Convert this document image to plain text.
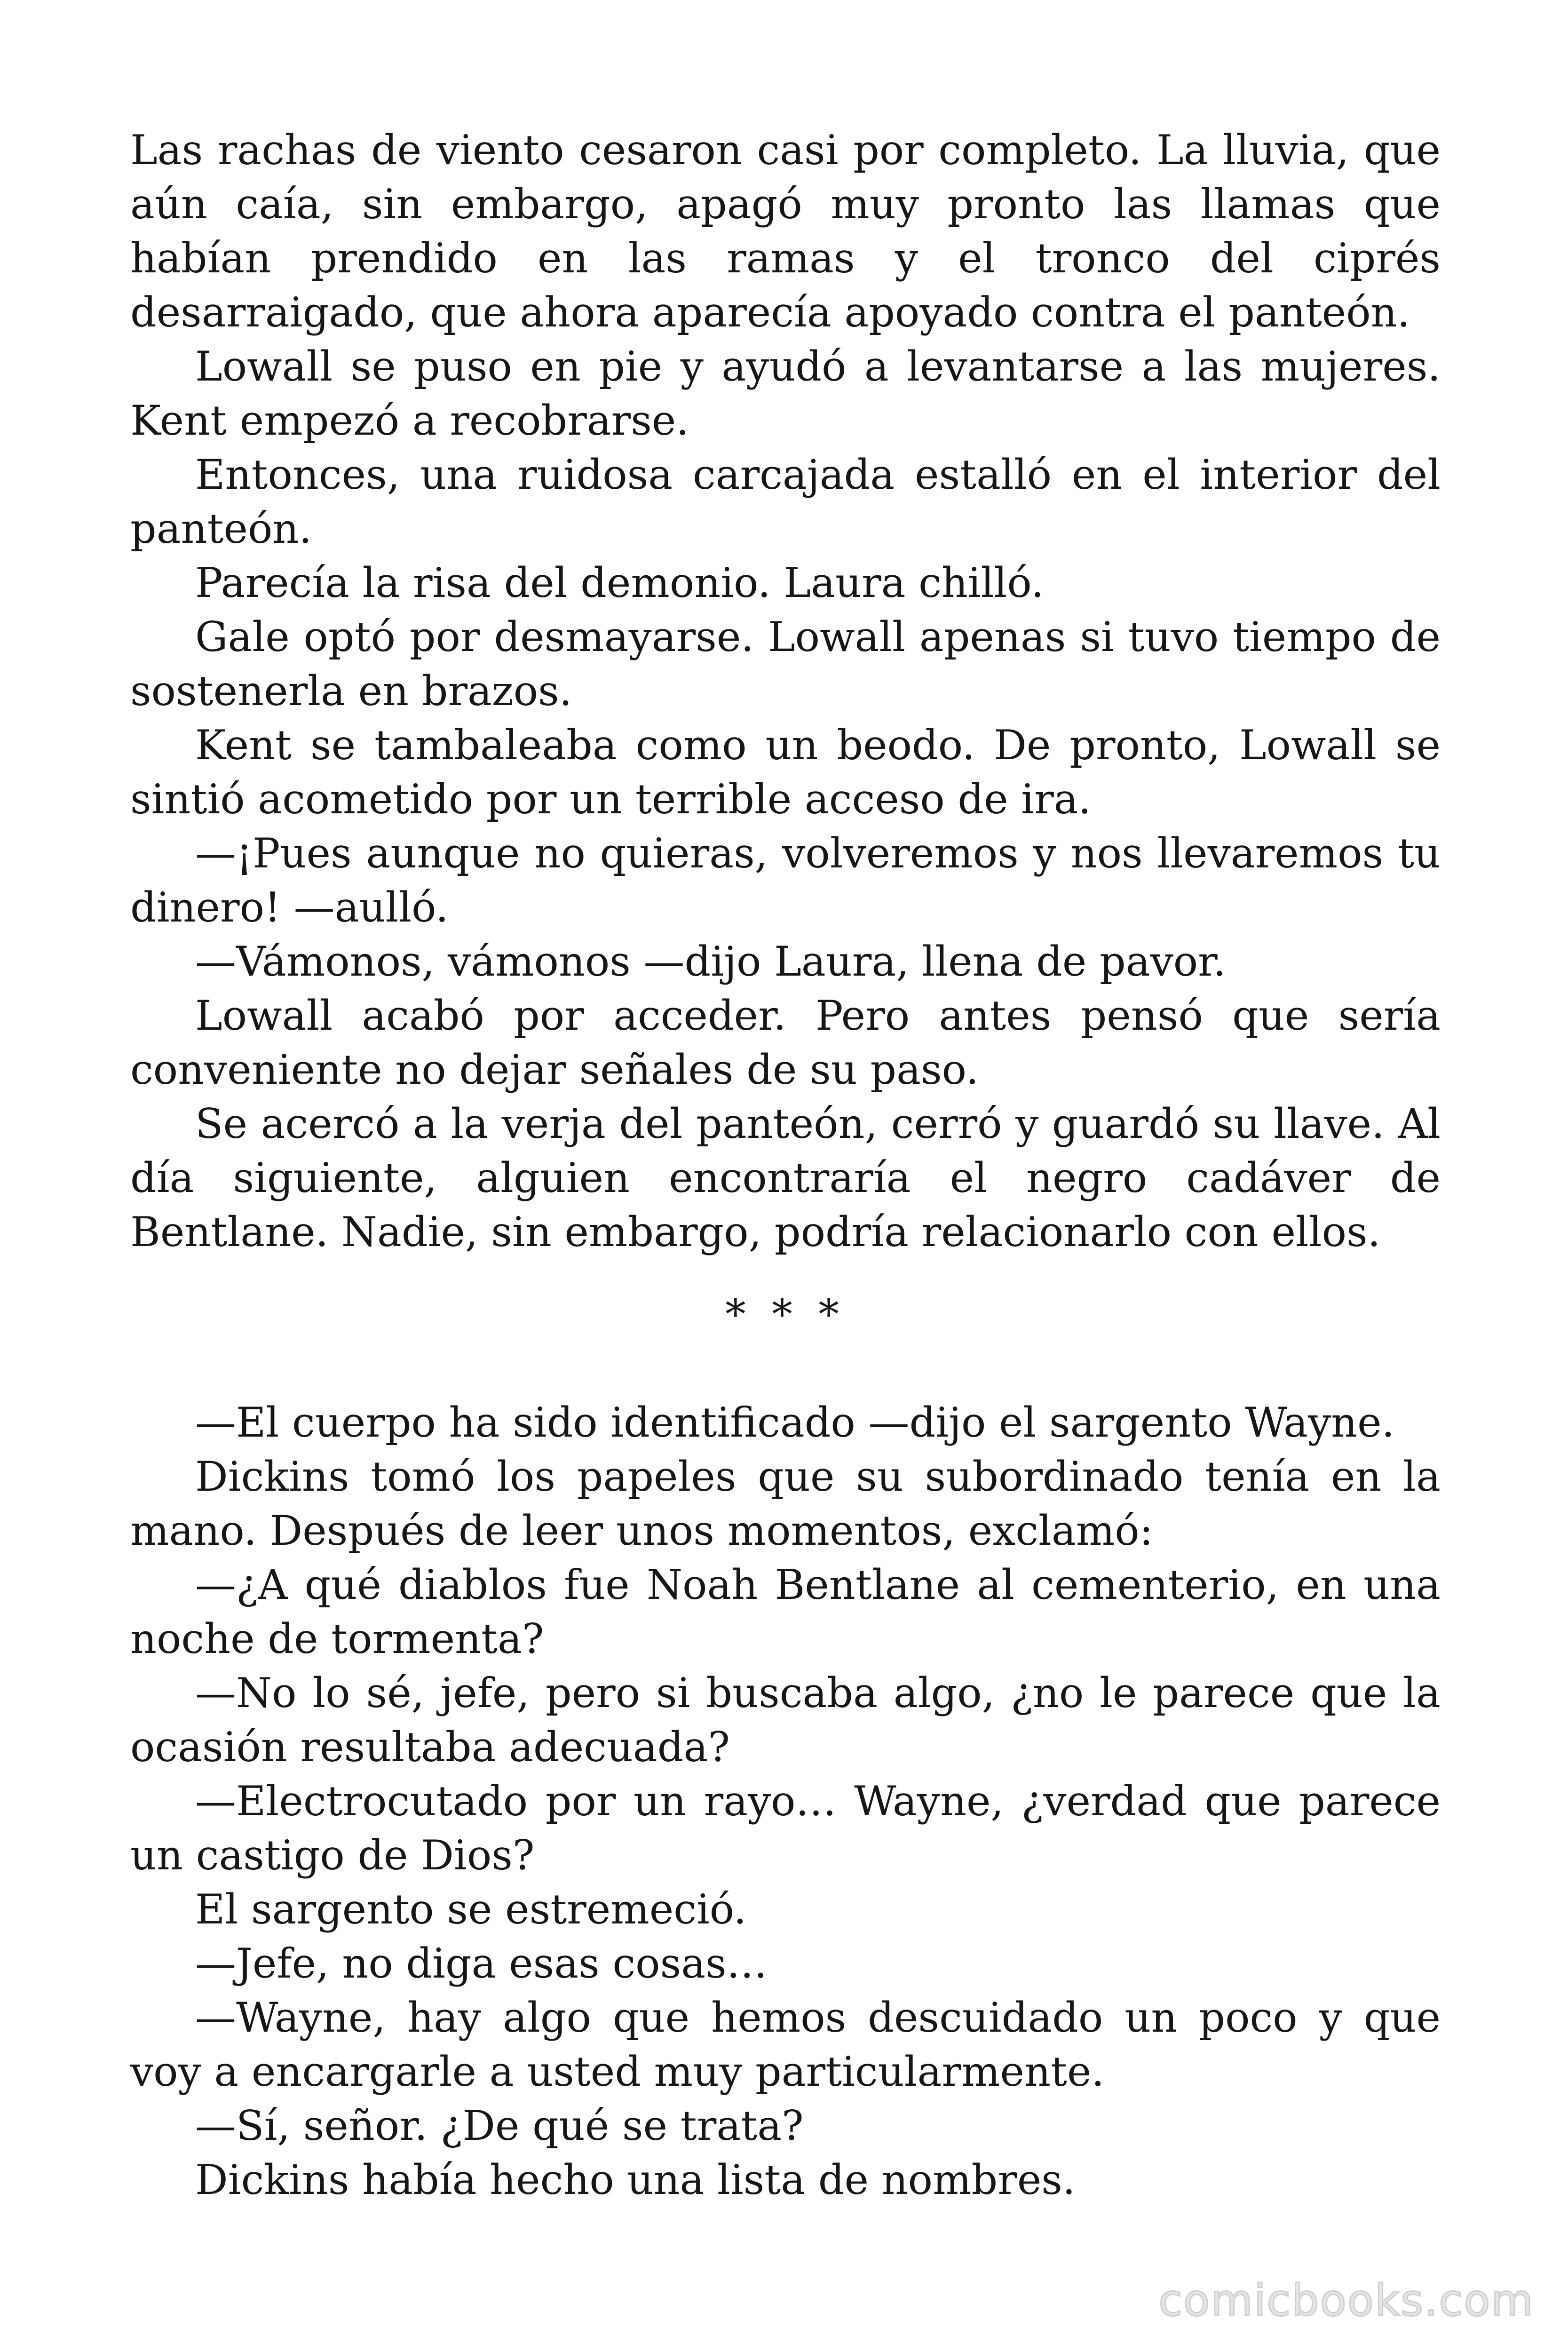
Las rachas de viento cesaron casi por completo. La lluvia, que aún caía, sin embargo, apagó muy pronto las llamas que habían prendido en las ramas y el tronco del ciprés desarraigado, que ahora aparecía apoyado contra el panteón.

Lowall se puso en pie y ayudó a levantarse a las mujeres. Kent empezó a recobrarse.

Entonces, una ruidosa carcajada estalló en el interior del panteón.

Parecía la risa del demonio. Laura chilló.

Gale optó por desmayarse. Lowall apenas si tuvo tiempo de sostenerla en brazos.

Kent se tambaleaba como un beodo. De pronto, Lowall se sintió acometido por un terrible acceso de ira.

—¡Pues aunque no quieras, volveremos y nos llevaremos tu dinero! —aulló.

—Vámonos, vámonos —dijo Laura, llena de pavor.

Lowall acabó por acceder. Pero antes pensó que sería conveniente no dejar señales de su paso.

Se acercó a la verja del panteón, cerró y guardó su llave. Al día siguiente, alguien encontraría el negro cadáver de Bentlane. Nadie, sin embargo, podría relacionarlo con ellos.

* * *

—El cuerpo ha sido identificado —dijo el sargento Wayne.

Dickins tomó los papeles que su subordinado tenía en la mano. Después de leer unos momentos, exclamó:

—¿A qué diablos fue Noah Bentlane al cementerio, en una noche de tormenta?

—No lo sé, jefe, pero si buscaba algo, ¿no le parece que la ocasión resultaba adecuada?

—Electrocutado por un rayo… Wayne, ¿verdad que parece un castigo de Dios?

El sargento se estremeció.

—Jefe, no diga esas cosas…

—Wayne, hay algo que hemos descuidado un poco y que voy a encargarle a usted muy particularmente.

—Sí, señor. ¿De qué se trata?

Dickins había hecho una lista de nombres.

comicbooks.com
